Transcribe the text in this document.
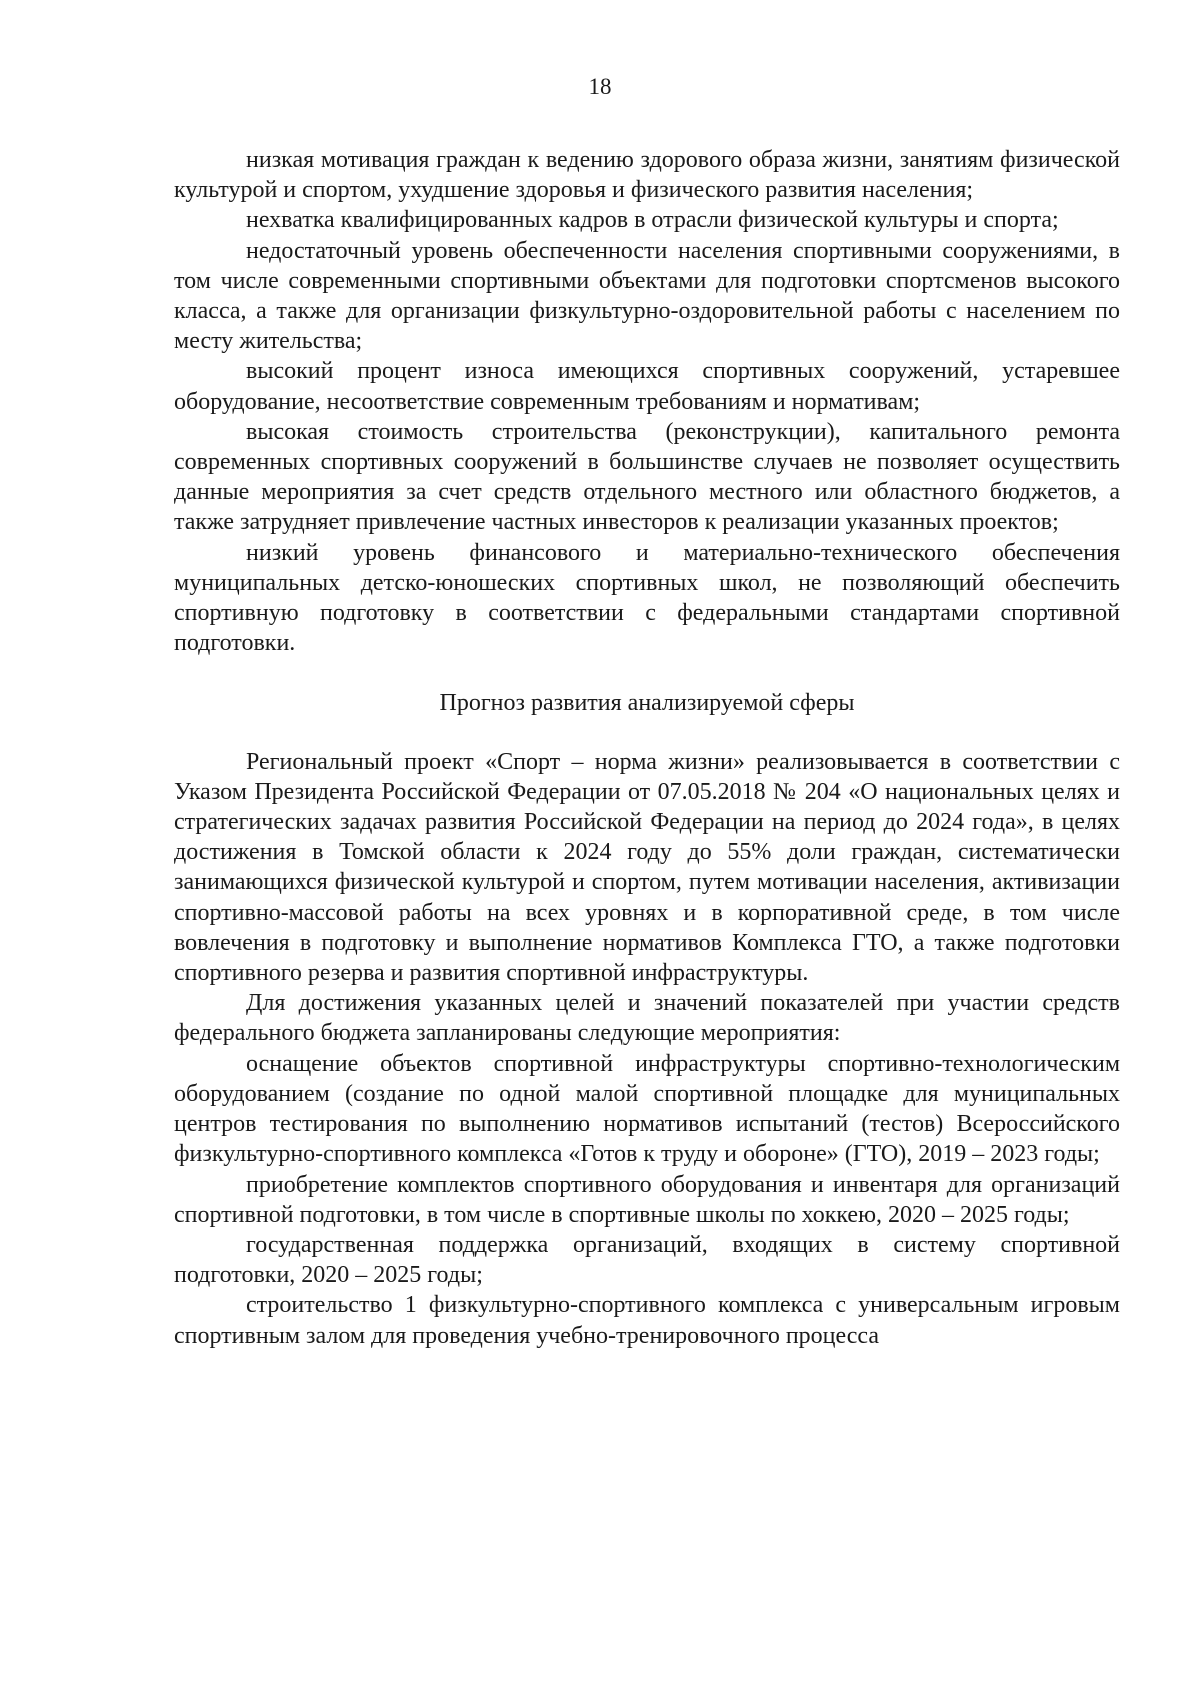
18

низкая мотивация граждан к ведению здорового образа жизни, занятиям физической культурой и спортом, ухудшение здоровья и физического развития населения;

нехватка квалифицированных кадров в отрасли физической культуры и спорта;

недостаточный уровень обеспеченности населения спортивными сооружениями, в том числе современными спортивными объектами для подготовки спортсменов высокого класса, а также для организации физкультурно-оздоровительной работы с населением по месту жительства;

высокий процент износа имеющихся спортивных сооружений, устаревшее оборудование, несоответствие современным требованиям и нормативам;

высокая стоимость строительства (реконструкции), капитального ремонта современных спортивных сооружений в большинстве случаев не позволяет осуществить данные мероприятия за счет средств отдельного местного или областного бюджетов, а также затрудняет привлечение частных инвесторов к реализации указанных проектов;

низкий уровень финансового и материально-технического обеспечения муниципальных детско-юношеских спортивных школ, не позволяющий обеспечить спортивную подготовку в соответствии с федеральными стандартами спортивной подготовки.

Прогноз развития анализируемой сферы

Региональный проект «Спорт – норма жизни» реализовывается в соответствии с Указом Президента Российской Федерации от 07.05.2018 № 204 «О национальных целях и стратегических задачах развития Российской Федерации на период до 2024 года», в целях достижения в Томской области к 2024 году до 55% доли граждан, систематически занимающихся физической культурой и спортом, путем мотивации населения, активизации спортивно-массовой работы на всех уровнях и в корпоративной среде, в том числе вовлечения в подготовку и выполнение нормативов Комплекса ГТО, а также подготовки спортивного резерва и развития спортивной инфраструктуры.

Для достижения указанных целей и значений показателей при участии средств федерального бюджета запланированы следующие мероприятия:

оснащение объектов спортивной инфраструктуры спортивно-технологическим оборудованием (создание по одной малой спортивной площадке для муниципальных центров тестирования по выполнению нормативов испытаний (тестов) Всероссийского физкультурно-спортивного комплекса «Готов к труду и обороне» (ГТО), 2019 – 2023 годы;

приобретение комплектов спортивного оборудования и инвентаря для организаций спортивной подготовки, в том числе в спортивные школы по хоккею, 2020 – 2025 годы;

государственная поддержка организаций, входящих в систему спортивной подготовки, 2020 – 2025 годы;

строительство 1 физкультурно-спортивного комплекса с универсальным игровым спортивным залом для проведения учебно-тренировочного процесса
